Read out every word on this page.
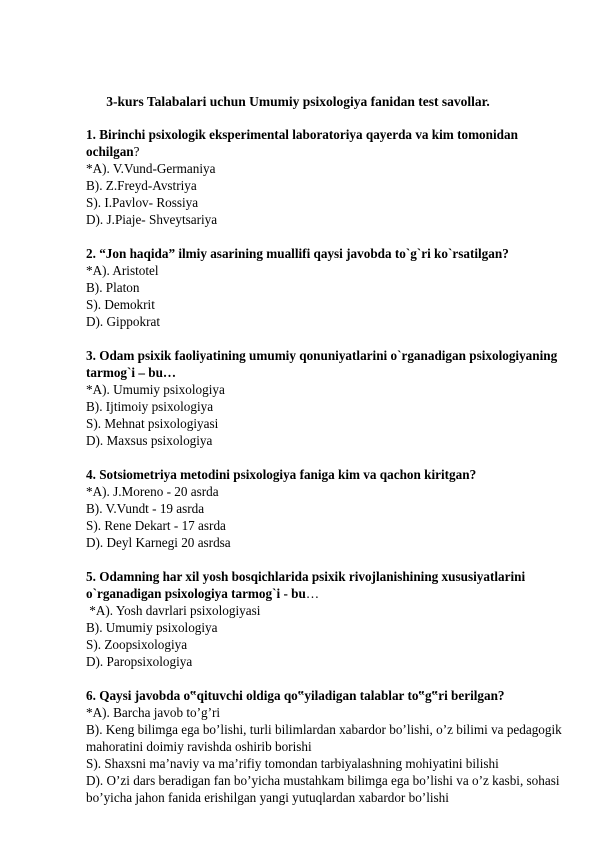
3-kurs Talabalari uchun Umumiy psixologiya fanidan test savollar.

1. Birinchi psixologik eksperimental laboratoriya qayerda va kim tomonidan ochilgan?

*A). V.Vund-Germaniya

B). Z.Freyd-Avstriya

S). I.Pavlov- Rossiya

D). J.Piaje- Shveytsariya

2. “Jon haqida” ilmiy asarining muallifi qaysi javobda to`g`ri ko`rsatilgan?

*A). Aristotel

B). Platon

S). Demokrit

D). Gippokrat

3. Odam psixik faoliyatining umumiy qonuniyatlarini o`rganadigan psixologiyaning tarmog`i – bu…

*A). Umumiy psixologiya

B). Ijtimoiy psixologiya

S). Mehnat psixologiyasi

D). Maxsus psixologiya

4. Sotsiometriya metodini psixologiya faniga kim va qachon kiritgan?

*A). J.Moreno - 20 asrda

B). V.Vundt - 19 asrda

S). Rene Dekart - 17 asrda

D). Deyl Karnegi 20 asrdsa

5. Odamning har xil yosh bosqichlarida psixik rivojlanishining xususiyatlarini o`rganadigan psixologiya tarmog`i - bu…

*A). Yosh davrlari psixologiyasi

B). Umumiy psixologiya

S). Zoopsixologiya

D). Paropsixologiya

6. Qaysi javobda o‟qituvchi oldiga qo‟yiladigan talablar to‟g‟ri berilgan?

*A). Barcha javob to’g’ri

B). Keng bilimga ega bo’lishi, turli bilimlardan xabardor bo’lishi, o’z bilimi va pedagogik mahoratini doimiy ravishda oshirib borishi

S). Shaxsni ma’naviy va ma’rifiy tomondan tarbiyalashning mohiyatini bilishi

D). O’zi dars beradigan fan bo’yicha mustahkam bilimga ega bo’lishi va o’z kasbi, sohasi bo’yicha jahon fanida erishilgan yangi yutuqlardan xabardor bo’lishi
